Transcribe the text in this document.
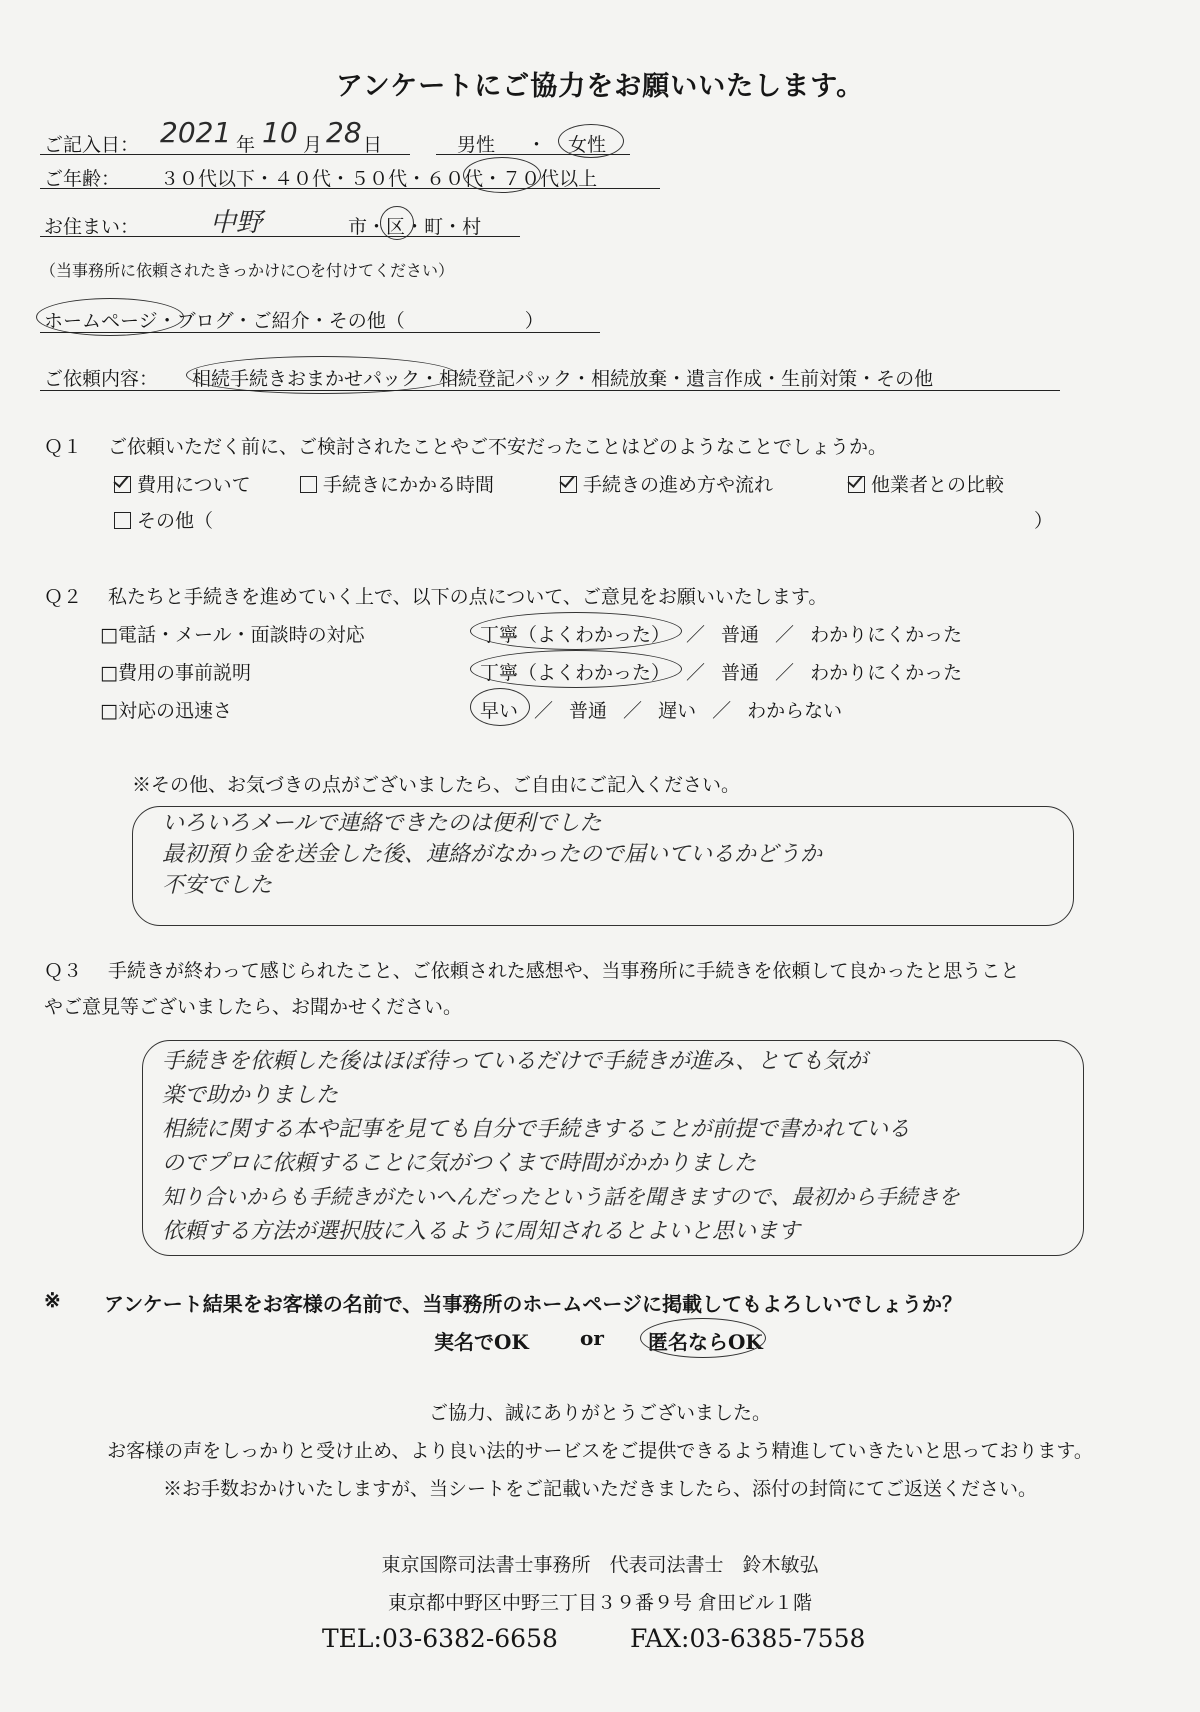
アンケートにご協力をお願いいたします。
ご記入日： 2021 年 10 月 28 日	男性 ・ 女性
ご年齢： ３０代以下・４０代・５０代・６０代・７０代以上
お住まい：	中野	市・区・町・村
（当事務所に依頼されたきっかけに○を付けてください）
ホームページ・ブログ・ご紹介・その他（	）
ご依頼内容： 相続手続きおまかせパック・相続登記パック・相続放棄・遺言作成・生前対策・その他
Ｑ１ ご依頼いただく前に、ご検討されたことやご不安だったことはどのようなことでしょうか。
費用について	手続きにかかる時間	手続きの進め方や流れ	他業者との比較
その他（	）
Ｑ２ 私たちと手続きを進めていく上で、以下の点について、ご意見をお願いいたします。
□電話・メール・面談時の対応	丁寧（よくわかった） ／ 普通 ／ わかりにくかった
□費用の事前説明	丁寧（よくわかった） ／ 普通 ／ わかりにくかった
□対応の迅速さ	早い ／ 普通 ／ 遅い ／ わからない
※その他、お気づきの点がございましたら、ご自由にご記入ください。
いろいろメールで連絡できたのは便利でした
最初預り金を送金した後、連絡がなかったので届いているかどうか
不安でした
Ｑ３ 手続きが終わって感じられたこと、ご依頼された感想や、当事務所に手続きを依頼して良かったと思うこと
やご意見等ございましたら、お聞かせください。
手続きを依頼した後はほぼ待っているだけで手続きが進み、とても気が
楽で助かりました
相続に関する本や記事を見ても自分で手続きすることが前提で書かれている
のでプロに依頼することに気がつくまで時間がかかりました
知り合いからも手続きがたいへんだったという話を聞きますので、最初から手続きを
依頼する方法が選択肢に入るように周知されるとよいと思います
※ アンケート結果をお客様の名前で、当事務所のホームページに掲載してもよろしいでしょうか？
実名でOK	or 匿名ならOK
ご協力、誠にありがとうございました。
お客様の声をしっかりと受け止め、より良い法的サービスをご提供できるよう精進していきたいと思っております。
※お手数おかけいたしますが、当シートをご記載いただきましたら、添付の封筒にてご返送ください。
東京国際司法書士事務所　代表司法書士　鈴木敏弘
東京都中野区中野三丁目３９番９号 倉田ビル１階
TEL:03-6382-6658	FAX:03-6385-7558
